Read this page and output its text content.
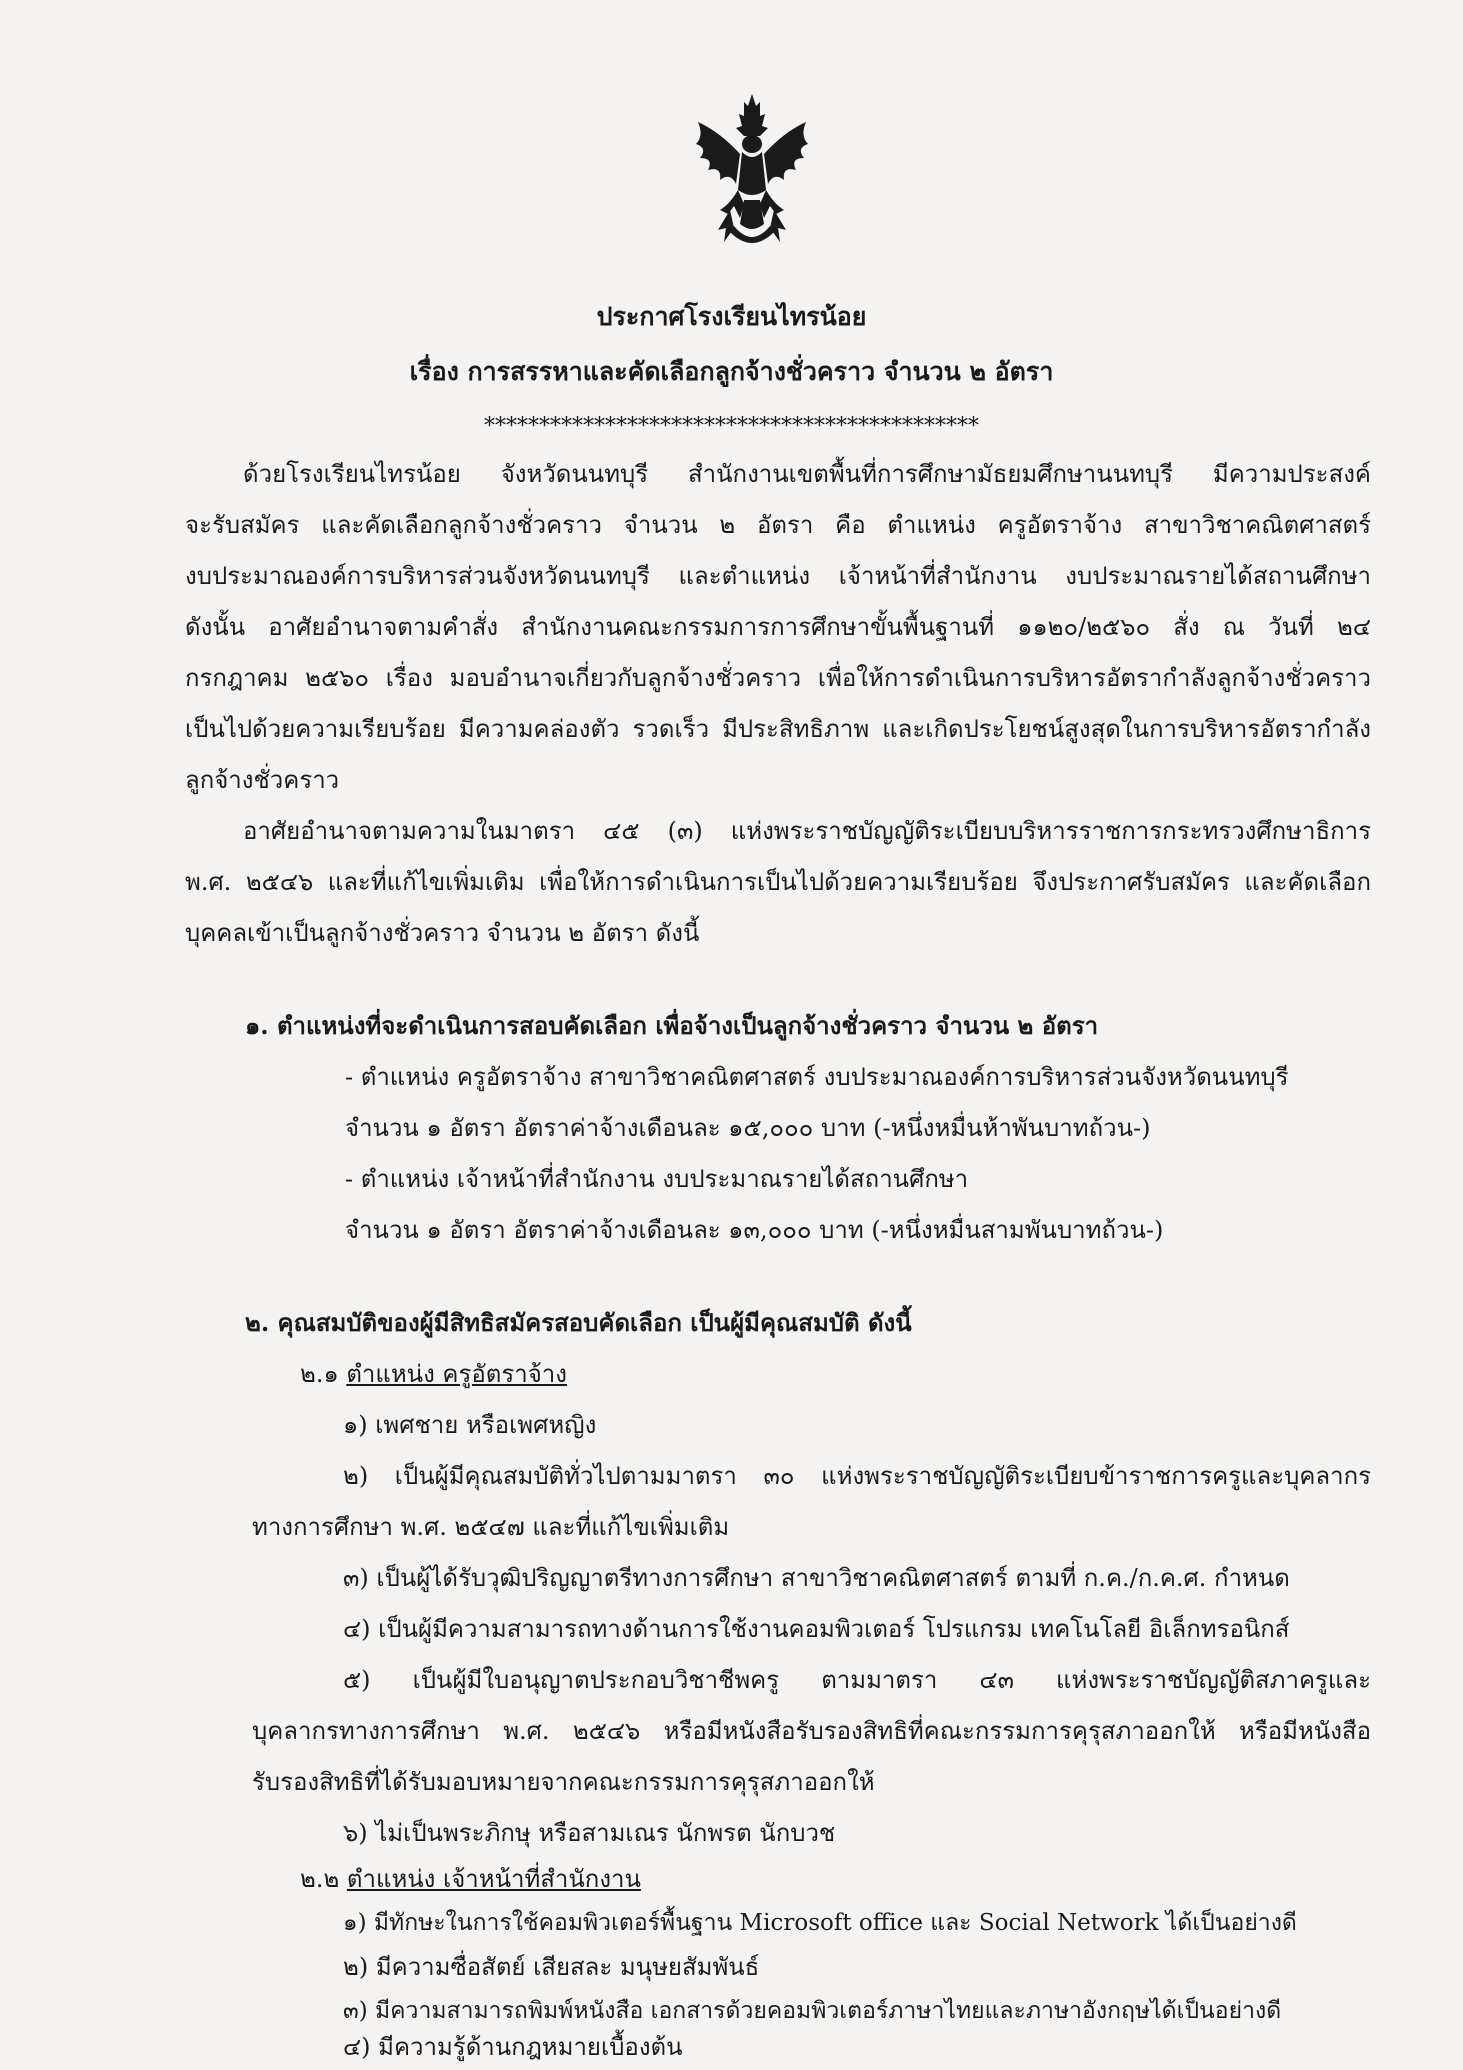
ประกาศโรงเรียนไทรน้อย
เรื่อง การสรรหาและคัดเลือกลูกจ้างชั่วคราว จำนวน ๒ อัตรา
*********************************************
ด้วยโรงเรียนไทรน้อย จังหวัดนนทบุรี สำนักงานเขตพื้นที่การศึกษามัธยมศึกษานนทบุรี มีความประสงค์
จะรับสมัคร และคัดเลือกลูกจ้างชั่วคราว จำนวน ๒ อัตรา คือ ตำแหน่ง ครูอัตราจ้าง สาขาวิชาคณิตศาสตร์
งบประมาณองค์การบริหารส่วนจังหวัดนนทบุรี และตำแหน่ง เจ้าหน้าที่สำนักงาน งบประมาณรายได้สถานศึกษา
ดังนั้น อาศัยอำนาจตามคำสั่ง สำนักงานคณะกรรมการการศึกษาขั้นพื้นฐานที่ ๑๑๒๐/๒๕๖๐ สั่ง ณ วันที่ ๒๔
กรกฎาคม ๒๕๖๐ เรื่อง มอบอำนาจเกี่ยวกับลูกจ้างชั่วคราว เพื่อให้การดำเนินการบริหารอัตรากำลังลูกจ้างชั่วคราว
เป็นไปด้วยความเรียบร้อย มีความคล่องตัว รวดเร็ว มีประสิทธิภาพ และเกิดประโยชน์สูงสุดในการบริหารอัตรากำลัง
ลูกจ้างชั่วคราว
อาศัยอำนาจตามความในมาตรา ๔๕ (๓) แห่งพระราชบัญญัติระเบียบบริหารราชการกระทรวงศึกษาธิการ
พ.ศ. ๒๕๔๖ และที่แก้ไขเพิ่มเติม เพื่อให้การดำเนินการเป็นไปด้วยความเรียบร้อย จึงประกาศรับสมัคร และคัดเลือก
บุคคลเข้าเป็นลูกจ้างชั่วคราว จำนวน ๒ อัตรา ดังนี้
๑. ตำแหน่งที่จะดำเนินการสอบคัดเลือก เพื่อจ้างเป็นลูกจ้างชั่วคราว จำนวน ๒ อัตรา
- ตำแหน่ง ครูอัตราจ้าง สาขาวิชาคณิตศาสตร์ งบประมาณองค์การบริหารส่วนจังหวัดนนทบุรี
จำนวน ๑ อัตรา อัตราค่าจ้างเดือนละ ๑๕,๐๐๐ บาท (-หนึ่งหมื่นห้าพันบาทถ้วน-)
- ตำแหน่ง เจ้าหน้าที่สำนักงาน งบประมาณรายได้สถานศึกษา
จำนวน ๑ อัตรา อัตราค่าจ้างเดือนละ ๑๓,๐๐๐ บาท (-หนึ่งหมื่นสามพันบาทถ้วน-)
๒. คุณสมบัติของผู้มีสิทธิสมัครสอบคัดเลือก เป็นผู้มีคุณสมบัติ ดังนี้
๒.๑ ตำแหน่ง ครูอัตราจ้าง
๑) เพศชาย หรือเพศหญิง
๒) เป็นผู้มีคุณสมบัติทั่วไปตามมาตรา ๓๐ แห่งพระราชบัญญัติระเบียบข้าราชการครูและบุคลากร
ทางการศึกษา พ.ศ. ๒๕๔๗ และที่แก้ไขเพิ่มเติม
๓) เป็นผู้ได้รับวุฒิปริญญาตรีทางการศึกษา สาขาวิชาคณิตศาสตร์ ตามที่ ก.ค./ก.ค.ศ. กำหนด
๔) เป็นผู้มีความสามารถทางด้านการใช้งานคอมพิวเตอร์ โปรแกรม เทคโนโลยี อิเล็กทรอนิกส์
๕) เป็นผู้มีใบอนุญาตประกอบวิชาชีพครู ตามมาตรา ๔๓ แห่งพระราชบัญญัติสภาครูและ
บุคลากรทางการศึกษา พ.ศ. ๒๕๔๖ หรือมีหนังสือรับรองสิทธิที่คณะกรรมการคุรุสภาออกให้ หรือมีหนังสือ
รับรองสิทธิที่ได้รับมอบหมายจากคณะกรรมการคุรุสภาออกให้
๖) ไม่เป็นพระภิกษุ หรือสามเณร นักพรต นักบวช
๒.๒ ตำแหน่ง เจ้าหน้าที่สำนักงาน
๑) มีทักษะในการใช้คอมพิวเตอร์พื้นฐาน Microsoft office และ Social Network ได้เป็นอย่างดี
๒) มีความซื่อสัตย์ เสียสละ มนุษยสัมพันธ์
๓) มีความสามารถพิมพ์หนังสือ เอกสารด้วยคอมพิวเตอร์ภาษาไทยและภาษาอังกฤษได้เป็นอย่างดี
๔) มีความรู้ด้านกฎหมายเบื้องต้น
